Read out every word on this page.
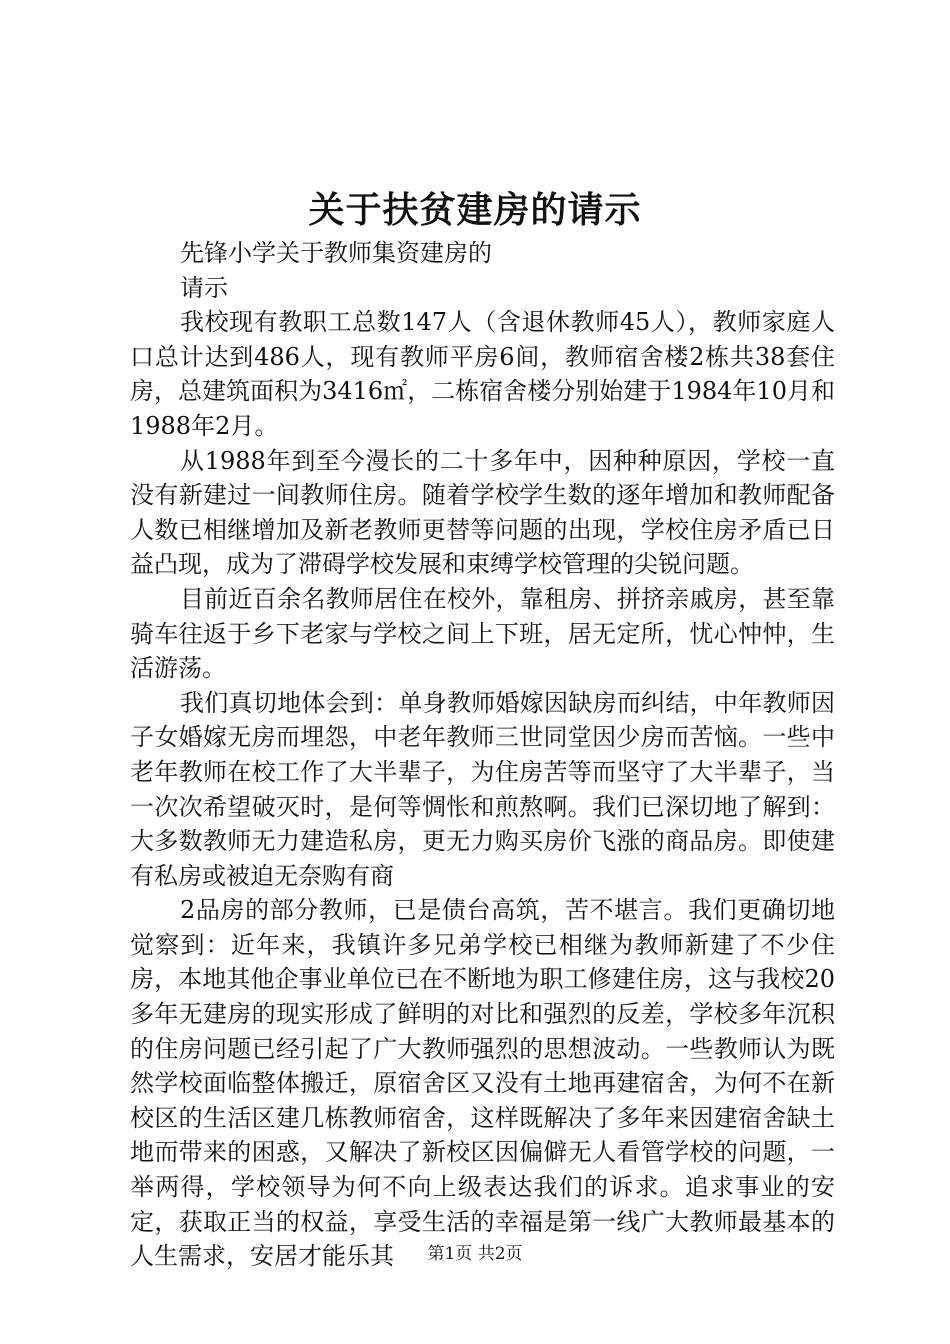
关于扶贫建房的请示

先锋小学关于教师集资建房的

请示

我校现有教职工总数147人（含退休教师45人），教师家庭人口总计达到486人，现有教师平房6间，教师宿舍楼2栋共38套住房，总建筑面积为3416㎡，二栋宿舍楼分别始建于1984年10月和1988年2月。

从1988年到至今漫长的二十多年中，因种种原因，学校一直没有新建过一间教师住房。随着学校学生数的逐年增加和教师配备人数已相继增加及新老教师更替等问题的出现，学校住房矛盾已日益凸现，成为了滞碍学校发展和束缚学校管理的尖锐问题。

目前近百余名教师居住在校外，靠租房、拼挤亲戚房，甚至靠骑车往返于乡下老家与学校之间上下班，居无定所，忧心忡忡，生活游荡。

我们真切地体会到：单身教师婚嫁因缺房而纠结，中年教师因子女婚嫁无房而埋怨，中老年教师三世同堂因少房而苦恼。一些中老年教师在校工作了大半辈子，为住房苦等而坚守了大半辈子，当一次次希望破灭时，是何等惆怅和煎熬啊。我们已深切地了解到：大多数教师无力建造私房，更无力购买房价飞涨的商品房。即使建有私房或被迫无奈购有商

2品房的部分教师，已是债台高筑，苦不堪言。我们更确切地觉察到：近年来，我镇许多兄弟学校已相继为教师新建了不少住房，本地其他企事业单位已在不断地为职工修建住房，这与我校20多年无建房的现实形成了鲜明的对比和强烈的反差，学校多年沉积的住房问题已经引起了广大教师强烈的思想波动。一些教师认为既然学校面临整体搬迁，原宿舍区又没有土地再建宿舍，为何不在新校区的生活区建几栋教师宿舍，这样既解决了多年来因建宿舍缺土地而带来的困惑，又解决了新校区因偏僻无人看管学校的问题，一举两得，学校领导为何不向上级表达我们的诉求。追求事业的安定，获取正当的权益，享受生活的幸福是第一线广大教师最基本的人生需求，安居才能乐其	第1页 共2页
